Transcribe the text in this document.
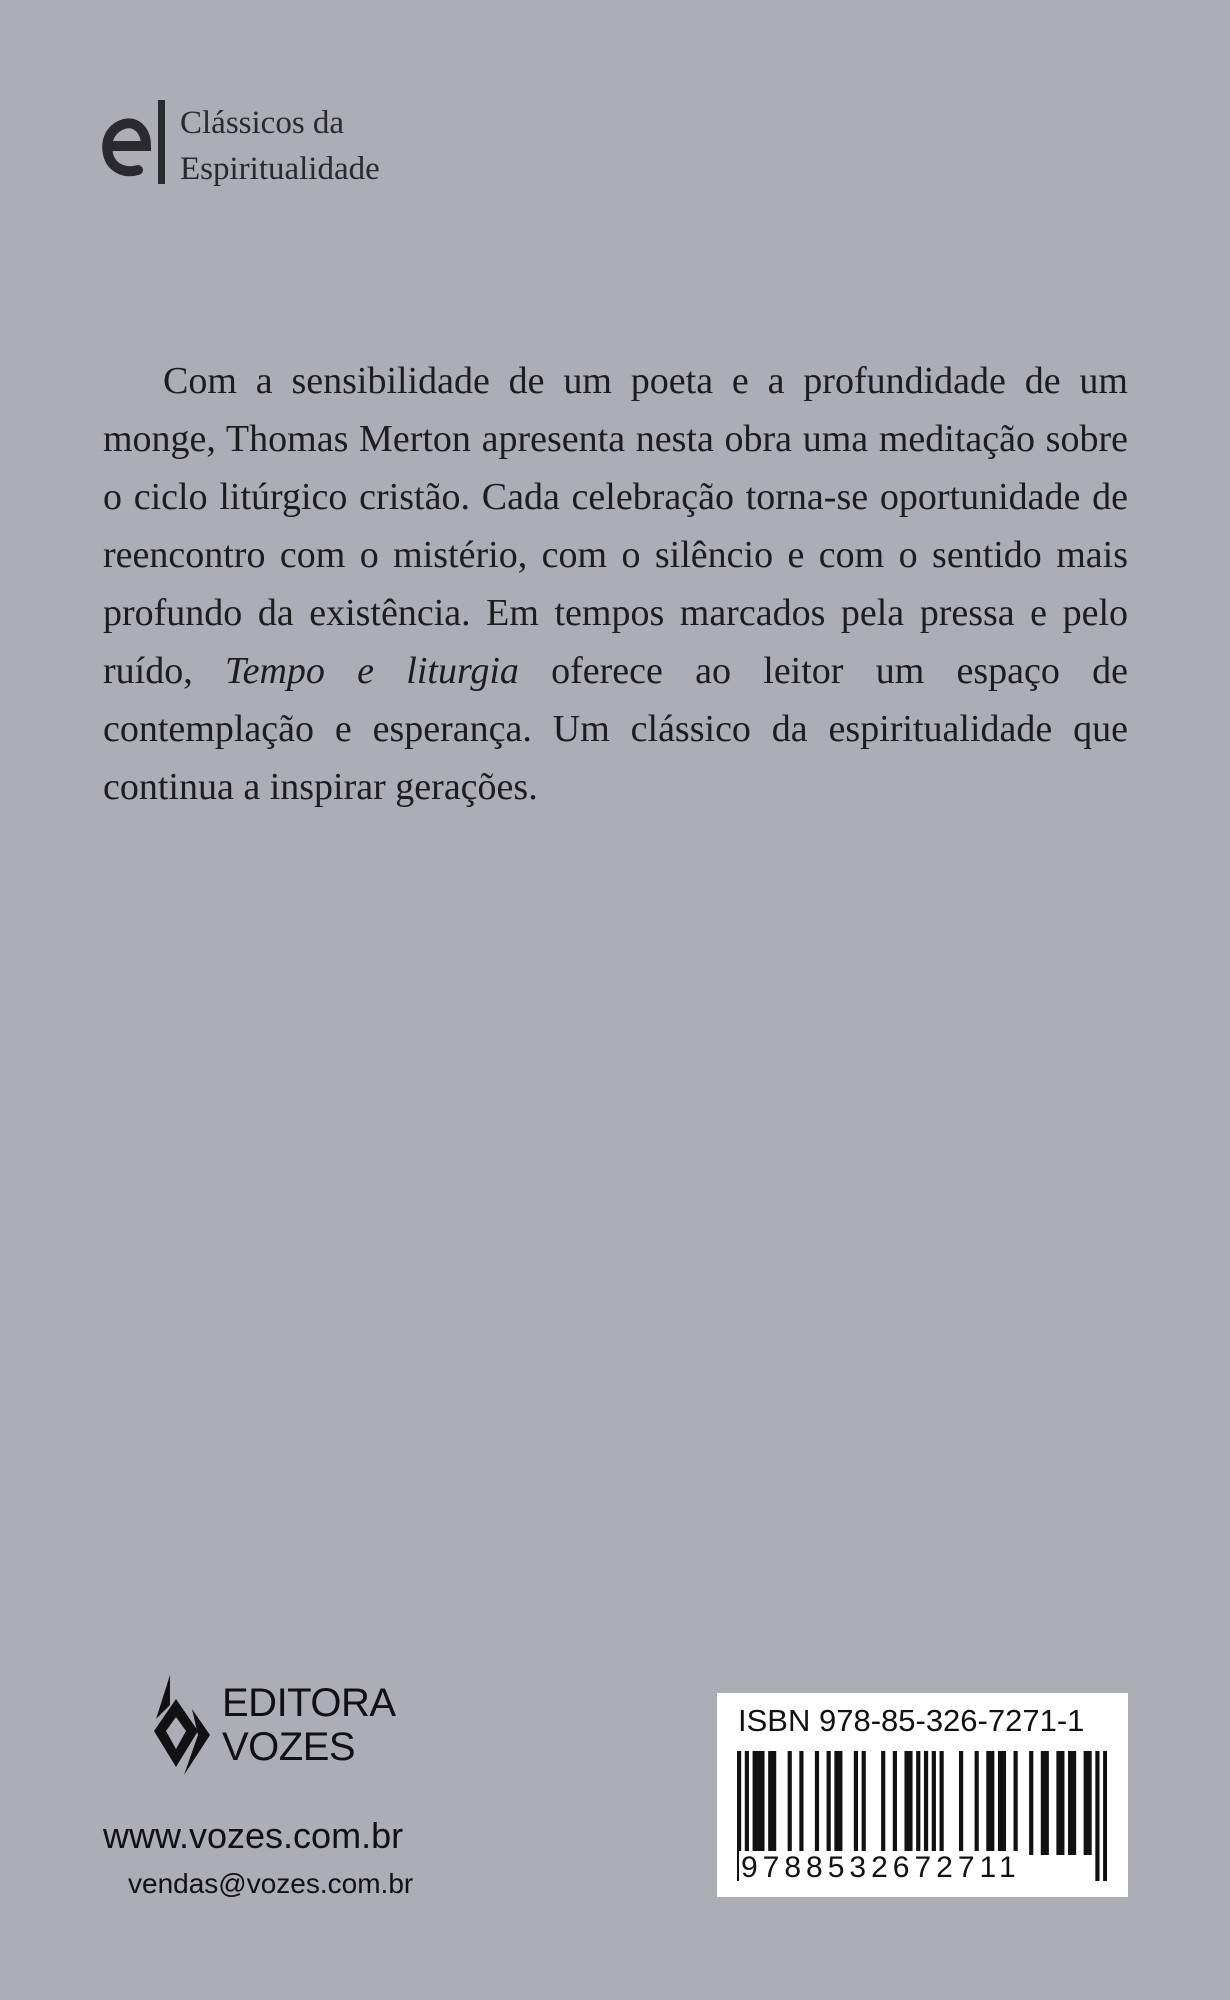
Clássicos da
Espiritualidade

Com a sensibilidade de um poeta e a profundidade de um monge, Thomas Merton apresenta nesta obra uma meditação sobre o ciclo litúrgico cristão. Cada celebração torna-se oportunidade de reencontro com o mistério, com o silêncio e com o sentido mais profundo da existência. Em tempos marcados pela pressa e pelo ruído, Tempo e liturgia oferece ao leitor um espaço de contemplação e esperança. Um clássico da espiritualidade que continua a inspirar gerações.

EDITORA
VOZES
www.vozes.com.br
vendas@vozes.com.br
ISBN 978-85-326-7271-1
9788532672711
